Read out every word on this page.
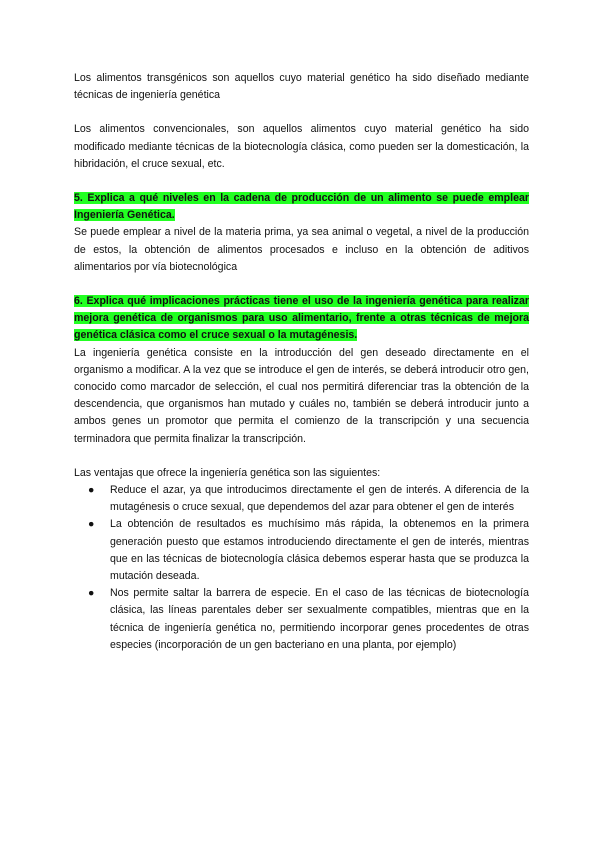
Los alimentos transgénicos son aquellos cuyo material genético ha sido diseñado mediante técnicas de ingeniería genética

Los alimentos convencionales, son aquellos alimentos cuyo material genético ha sido modificado mediante técnicas de la biotecnología clásica, como pueden ser la domesticación, la hibridación, el cruce sexual, etc.

5. Explica a qué niveles en la cadena de producción de un alimento se puede emplear Ingeniería Genética.

Se puede emplear a nivel de la materia prima, ya sea animal o vegetal, a nivel de la producción de estos, la obtención de alimentos procesados e incluso en la obtención de aditivos alimentarios por vía biotecnológica

6. Explica qué implicaciones prácticas tiene el uso de la ingeniería genética para realizar mejora genética de organismos para uso alimentario, frente a otras técnicas de mejora genética clásica como el cruce sexual o la mutagénesis.

La ingeniería genética consiste en la introducción del gen deseado directamente en el organismo a modificar. A la vez que se introduce el gen de interés, se deberá introducir otro gen, conocido como marcador de selección, el cual nos permitirá diferenciar tras la obtención de la descendencia, que organismos han mutado y cuáles no, también se deberá introducir junto a ambos genes un promotor que permita el comienzo de la transcripción y una secuencia terminadora que permita finalizar la transcripción.

Las ventajas que ofrece la ingeniería genética son las siguientes:

● Reduce el azar, ya que introducimos directamente el gen de interés. A diferencia de la mutagénesis o cruce sexual, que dependemos del azar para obtener el gen de interés
● La obtención de resultados es muchísimo más rápida, la obtenemos en la primera generación puesto que estamos introduciendo directamente el gen de interés, mientras que en las técnicas de biotecnología clásica debemos esperar hasta que se produzca la mutación deseada.
● Nos permite saltar la barrera de especie. En el caso de las técnicas de biotecnología clásica, las líneas parentales deber ser sexualmente compatibles, mientras que en la técnica de ingeniería genética no, permitiendo incorporar genes procedentes de otras especies (incorporación de un gen bacteriano en una planta, por ejemplo)
